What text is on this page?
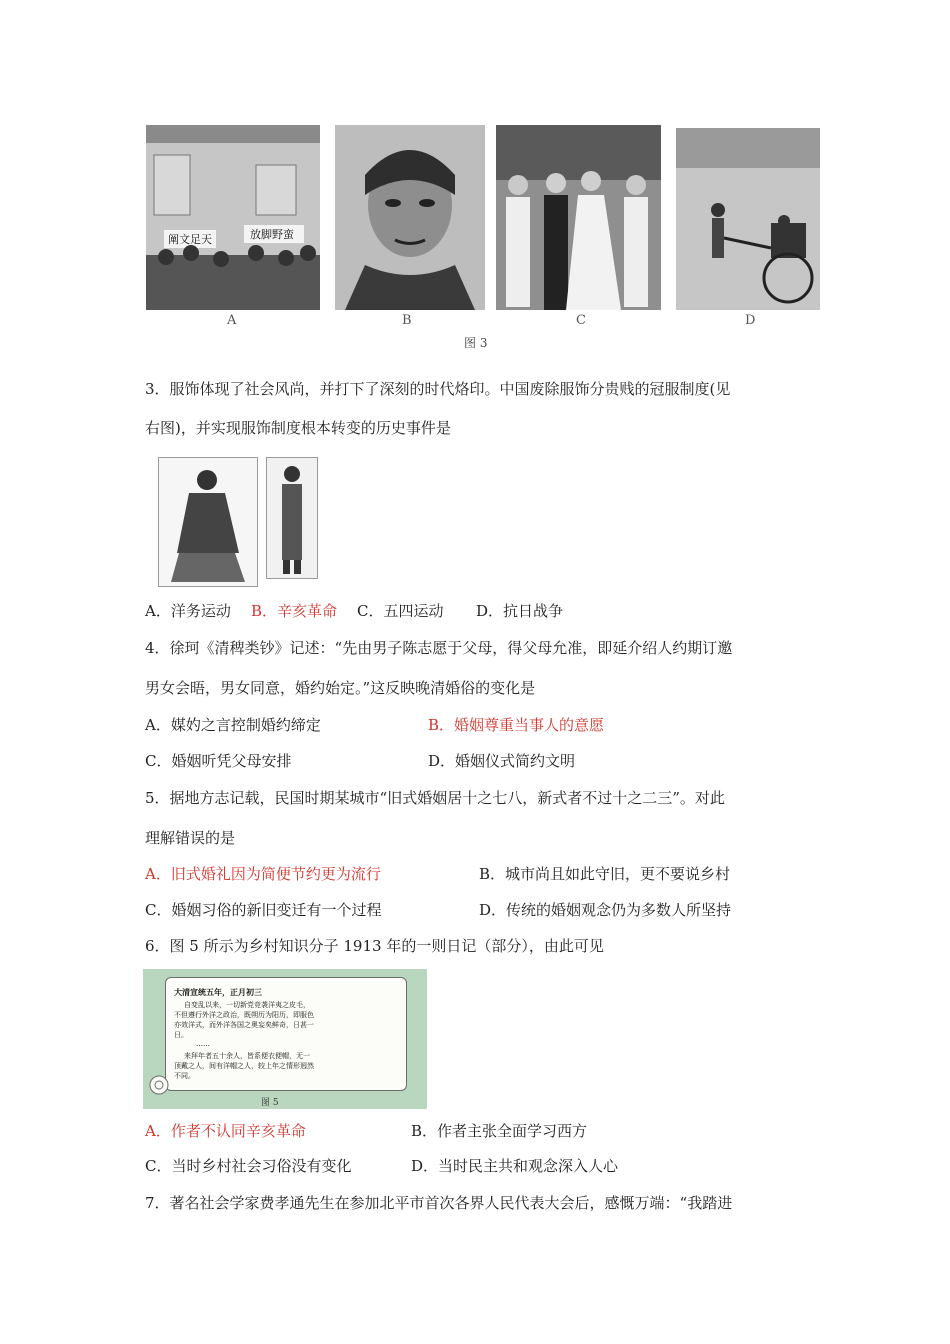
阐文足天	放脚野蛮
A	B	C	D
图 3
3．服饰体现了社会风尚，并打下了深刻的时代烙印。中国废除服饰分贵贱的冠服制度(见
右图)，并实现服饰制度根本转变的历史事件是
A．洋务运动 B．辛亥革命 C．五四运动 D．抗日战争
4．徐珂《清稗类钞》记述：“先由男子陈志愿于父母，得父母允准，即延介绍人约期订邀
男女会晤，男女同意，婚约始定。”这反映晚清婚俗的变化是
A．媒妁之言控制婚约缔定	B．婚姻尊重当事人的意愿
C．婚姻听凭父母安排	D．婚姻仪式简约文明
5．据地方志记载，民国时期某城市“旧式婚姻居十之七八，新式者不过十之二三”。对此
理解错误的是
A．旧式婚礼因为简便节约更为流行	B．城市尚且如此守旧，更不要说乡村
C．婚姻习俗的新旧变迁有一个过程	D．传统的婚姻观念仍为多数人所坚持
6．图 5 所示为乡村知识分子 1913 年的一则日记（部分），由此可见
大清宣统五年，正月初三
自变乱以来，一切新党竞袭洋夷之皮毛，
不但遵行外洋之政治，既朔历为阳历，即服色
亦效洋式，而外洋各国之奥妄矣鲜奇，日甚一
日。
……
来拜年者五十余人，皆系便衣便帽，无一
顶戴之人，间有洋帽之人，较上年之情形迥然
不同。
图 5
A．作者不认同辛亥革命	B．作者主张全面学习西方
C．当时乡村社会习俗没有变化	D．当时民主共和观念深入人心
7．著名社会学家费孝通先生在参加北平市首次各界人民代表大会后，感慨万端：“我踏进
